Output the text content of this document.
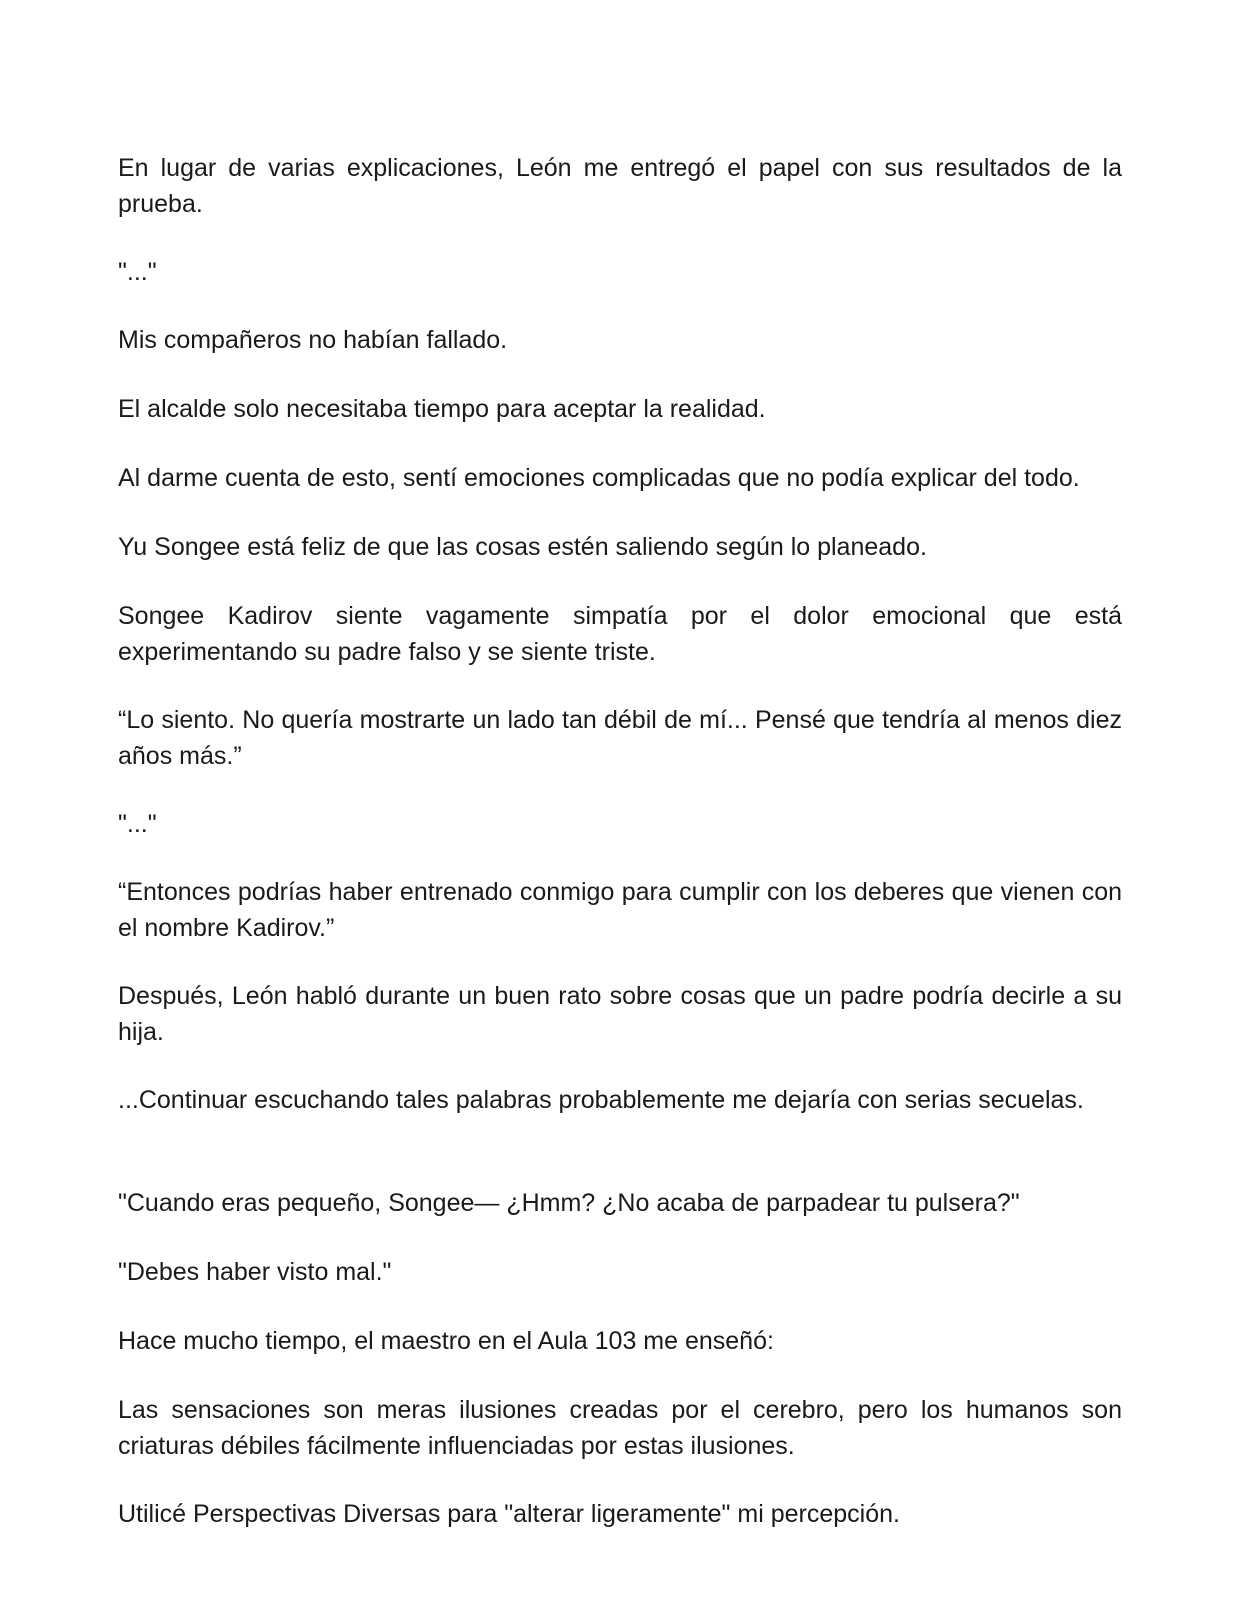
En lugar de varias explicaciones, León me entregó el papel con sus resultados de la prueba.

"..."

Mis compañeros no habían fallado.

El alcalde solo necesitaba tiempo para aceptar la realidad.

Al darme cuenta de esto, sentí emociones complicadas que no podía explicar del todo.

Yu Songee está feliz de que las cosas estén saliendo según lo planeado.

Songee Kadirov siente vagamente simpatía por el dolor emocional que está experimentando su padre falso y se siente triste.

“Lo siento. No quería mostrarte un lado tan débil de mí... Pensé que tendría al menos diez años más.”

"..."

“Entonces podrías haber entrenado conmigo para cumplir con los deberes que vienen con el nombre Kadirov.”

Después, León habló durante un buen rato sobre cosas que un padre podría decirle a su hija.

...Continuar escuchando tales palabras probablemente me dejaría con serias secuelas.

"Cuando eras pequeño, Songee— ¿Hmm? ¿No acaba de parpadear tu pulsera?"

"Debes haber visto mal."

Hace mucho tiempo, el maestro en el Aula 103 me enseñó:

Las sensaciones son meras ilusiones creadas por el cerebro, pero los humanos son criaturas débiles fácilmente influenciadas por estas ilusiones.

Utilicé Perspectivas Diversas para "alterar ligeramente" mi percepción.
